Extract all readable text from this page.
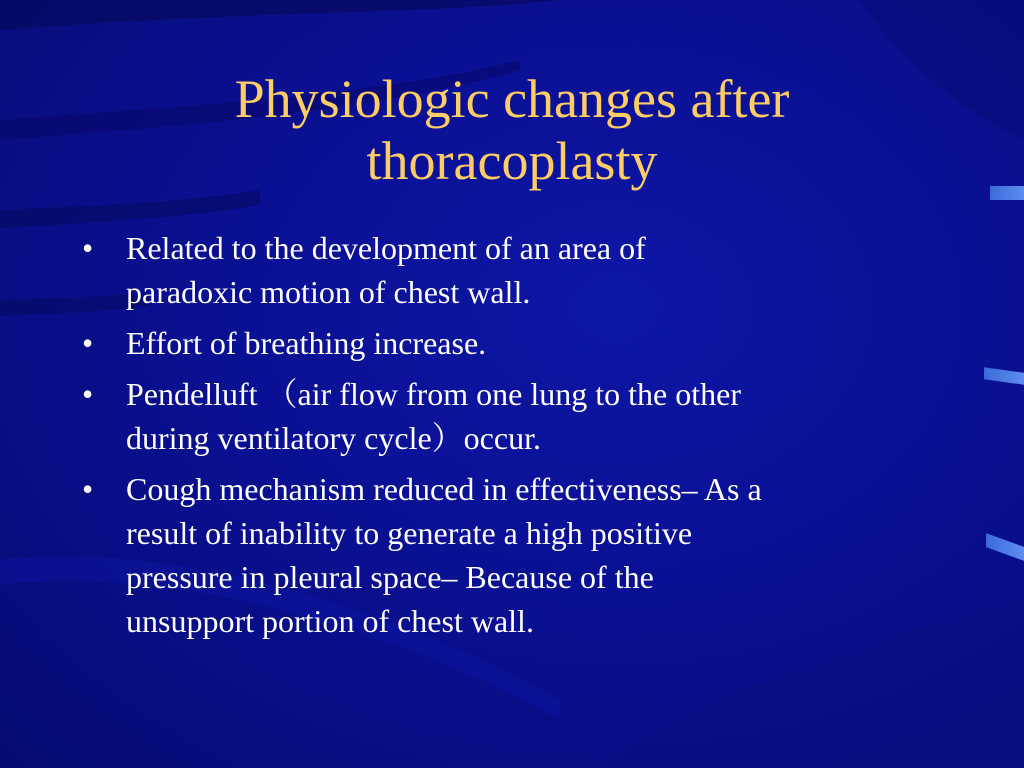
Physiologic changes after
thoracoplasty
•	Related to the development of an area of
paradoxic motion of chest wall.
•	Effort of breathing increase.
•	Pendelluft （air flow from one lung to the other
during ventilatory cycle）occur.
•	Cough mechanism reduced in effectiveness– As a
result of inability to generate a high positive
pressure in pleural space– Because of the
unsupport portion of chest wall.
